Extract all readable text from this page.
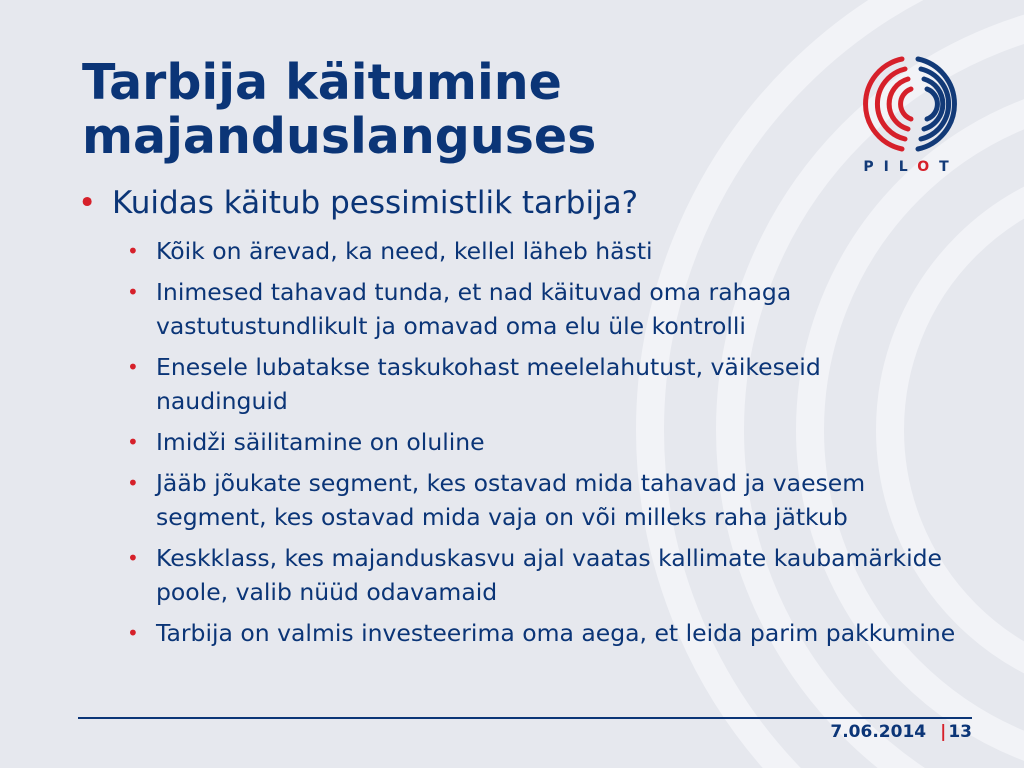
Tarbija käitumine
majanduslanguses
PILOT
• Kuidas käitub pessimistlik tarbija?
• Kõik on ärevad, ka need, kellel läheb hästi
• Inimesed tahavad tunda, et nad käituvad oma rahaga vastutustundlikult ja omavad oma elu üle kontrolli
• Enesele lubatakse taskukohast meelelahutust, väikeseid naudinguid
• Imidži säilitamine on oluline
• Jääb jõukate segment, kes ostavad mida tahavad ja vaesem segment, kes ostavad mida vaja on või milleks raha jätkub
• Keskklass, kes majanduskasvu ajal vaatas kallimate kaubamärkide poole, valib nüüd odavamaid
• Tarbija on valmis investeerima oma aega, et leida parim pakkumine
7.06.2014 | 13
